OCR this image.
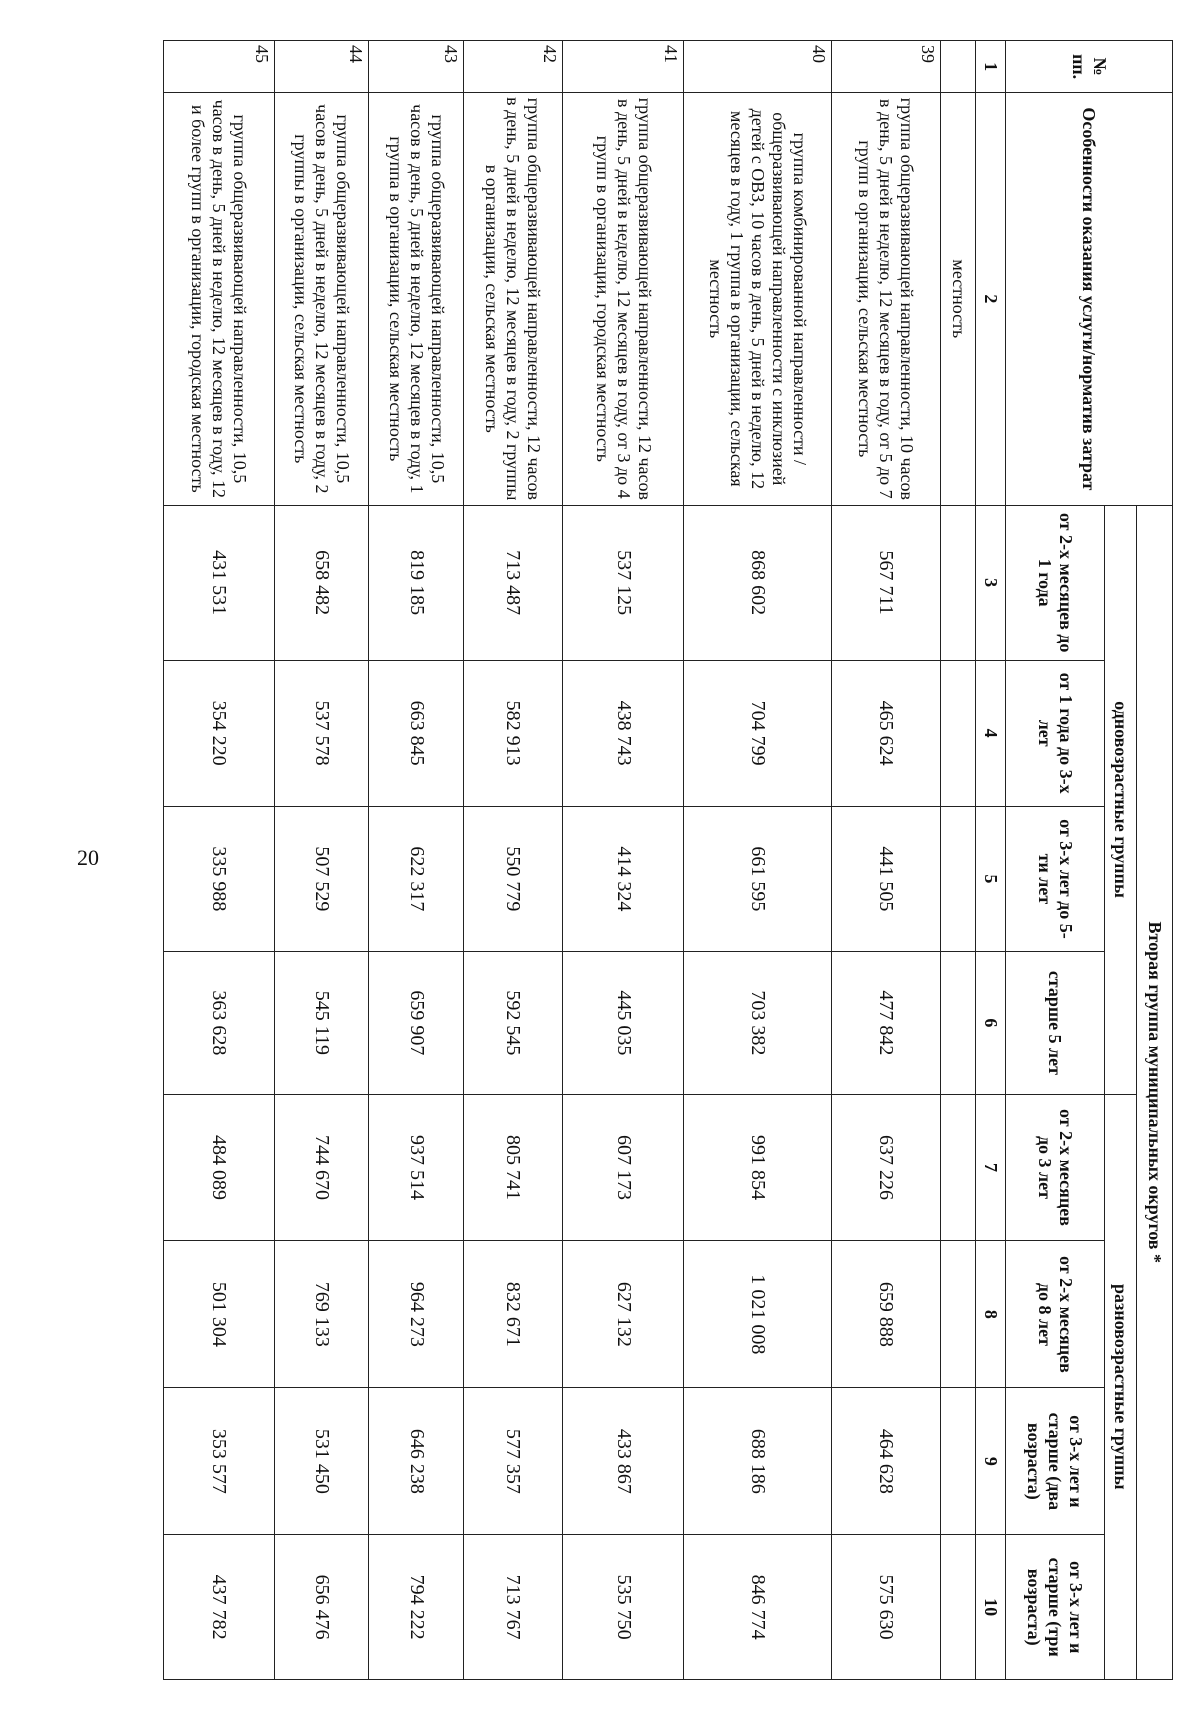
20
№ пп.	Особенности оказания услуги/норматив затрат	Вторая группа муниципальных округов *							
		одновозрастные группы				разновозрастные группы			
		от 2-х месяцев до 1 года	от 1 года до 3-х лет	от 3-х лет до 5-ти лет	старше 5 лет	от 2-х месяцев до 3 лет	от 2-х месяцев до 8 лет	от 3-х лет и старше (два возраста)	от 3-х лет и старше (три возраста)
1	2	3	4	5	6	7	8	9	10
	местность								
39	группа общеразвивающей направленности, 10 часов в день, 5 дней в неделю, 12 месяцев в году, от 5 до 7 групп в организации, сельская местность	567 711	465 624	441 505	477 842	637 226	659 888	464 628	575 630
40	группа комбинированной направленности / общеразвивающей направленности с инклюзией детей с ОВЗ, 10 часов в день, 5 дней в неделю, 12 месяцев в году, 1 группа в организации, сельская местность	868 602	704 799	661 595	703 382	991 854	1 021 008	688 186	846 774
41	группа общеразвивающей направленности, 12 часов в день, 5 дней в неделю, 12 месяцев в году, от 3 до 4 групп в организации, городская местность	537 125	438 743	414 324	445 035	607 173	627 132	433 867	535 750
42	группа общеразвивающей направленности, 12 часов в день, 5 дней в неделю, 12 месяцев в году, 2 группы в организации, сельская местность	713 487	582 913	550 779	592 545	805 741	832 671	577 357	713 767
43	группа общеразвивающей направленности, 10,5 часов в день, 5 дней в неделю, 12 месяцев в году, 1 группа в организации, сельская местность	819 185	663 845	622 317	659 907	937 514	964 273	646 238	794 222
44	группа общеразвивающей направленности, 10,5 часов в день, 5 дней в неделю, 12 месяцев в году, 2 группы в организации, сельская местность	658 482	537 578	507 529	545 119	744 670	769 133	531 450	656 476
45	группа общеразвивающей направленности, 10,5 часов в день, 5 дней в неделю, 12 месяцев в году, 12 и более групп в организации, городская местность	431 531	354 220	335 988	363 628	484 089	501 304	353 577	437 782
